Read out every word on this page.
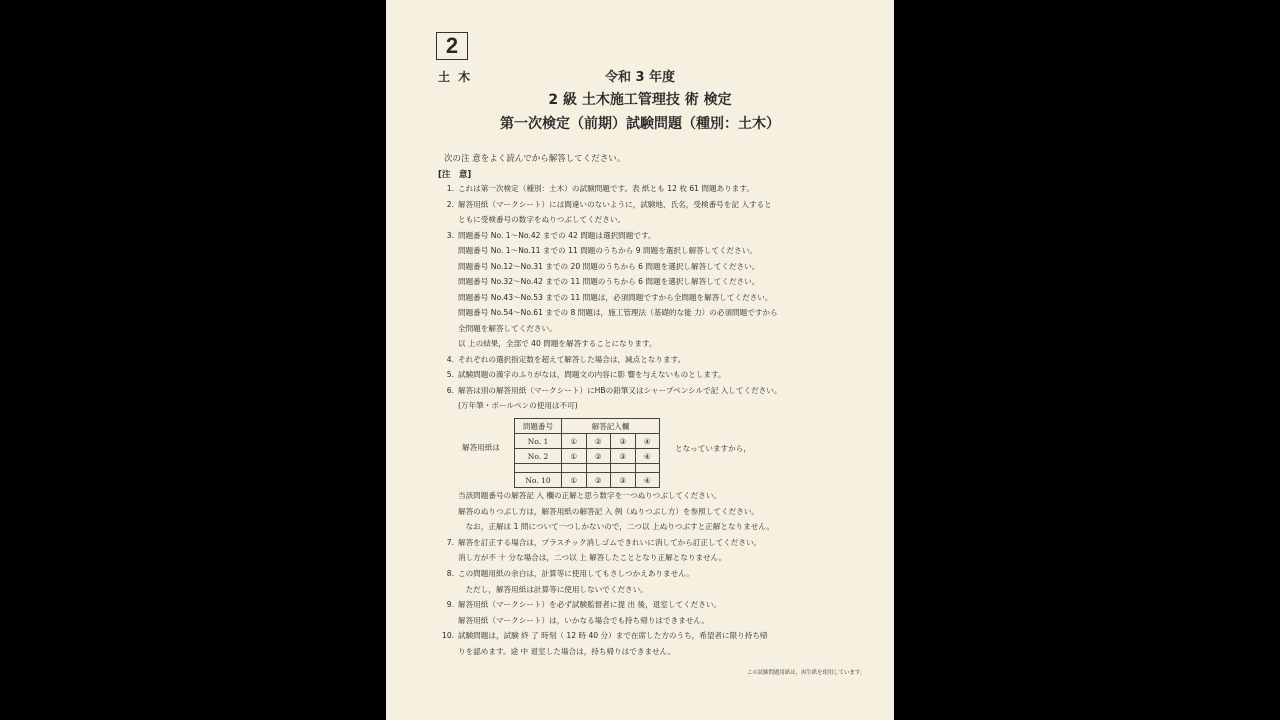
2
土 木	令和 3 年度
2 級 土木施工管理技 術 検定
第一次検定（前期）試験問題（種別：土木）
次の注 意をよく読んでから解答してください。
[注　意]
1. これは第一次検定（種別：土木）の試験問題です。表 紙とも 12 枚 61 問題あります。
2. 解答用紙（マークシート）には間違いのないように，試験地，氏名，受検番号を記 入すると
ともに受検番号の数字をぬりつぶしてください。
3. 問題番号 No. 1～No.42 までの 42 問題は選択問題です。
問題番号 No. 1～No.11 までの 11 問題のうちから 9 問題を選択し解答してください。
問題番号 No.12～No.31 までの 20 問題のうちから 6 問題を選択し解答してください。
問題番号 No.32～No.42 までの 11 問題のうちから 6 問題を選択し解答してください。
問題番号 No.43～No.53 までの 11 問題は，必須問題ですから全問題を解答してください。
問題番号 No.54～No.61 までの 8 問題は，施工管理法（基礎的な能 力）の必須問題ですから
全問題を解答してください。
以 上の結果，全部で 40 問題を解答することになります。
4. それぞれの選択指定数を超えて解答した場合は，減点となります。
5. 試験問題の漢字のふりがなは，問題文の内容に影 響を与えないものとします。
6. 解答は別の解答用紙（マークシート）にHBの鉛筆又はシャープペンシルで記 入してください。
(万年筆・ボールペンの使用は不可)
解答用紙は
問題番号	解答記入欄			
No. 1	①	②	③	④
No. 2	①	②	③	④

No. 10	①	②	③	④
となっていますから，
当該問題番号の解答記 入 欄の正解と思う数字を一つぬりつぶしてください。
解答のぬりつぶし方は，解答用紙の解答記 入 例（ぬりつぶし方）を参照してください。
　なお，正解は 1 問について一つしかないので，二つ以 上ぬりつぶすと正解となりません。
7. 解答を訂正する場合は，プラスチック消しゴムできれいに消してから訂正してください。
消し方が不 十 分な場合は，二つ以 上 解答したこととなり正解となりません。
8. この問題用紙の余白は，計算等に使用してもさしつかえありません。
　ただし，解答用紙は計算等に使用しないでください。
9. 解答用紙（マークシート）を必ず試験監督者に提 出 後，退室してください。
解答用紙（マークシート）は，いかなる場合でも持ち帰りはできません。
10. 試験問題は，試験 終 了 時刻（ 12 時 40 分）まで在席した方のうち，希望者に限り持ち帰
りを認めます。途 中 退室した場合は，持ち帰りはできません。
この試験問題用紙は，再生紙を使用しています。
